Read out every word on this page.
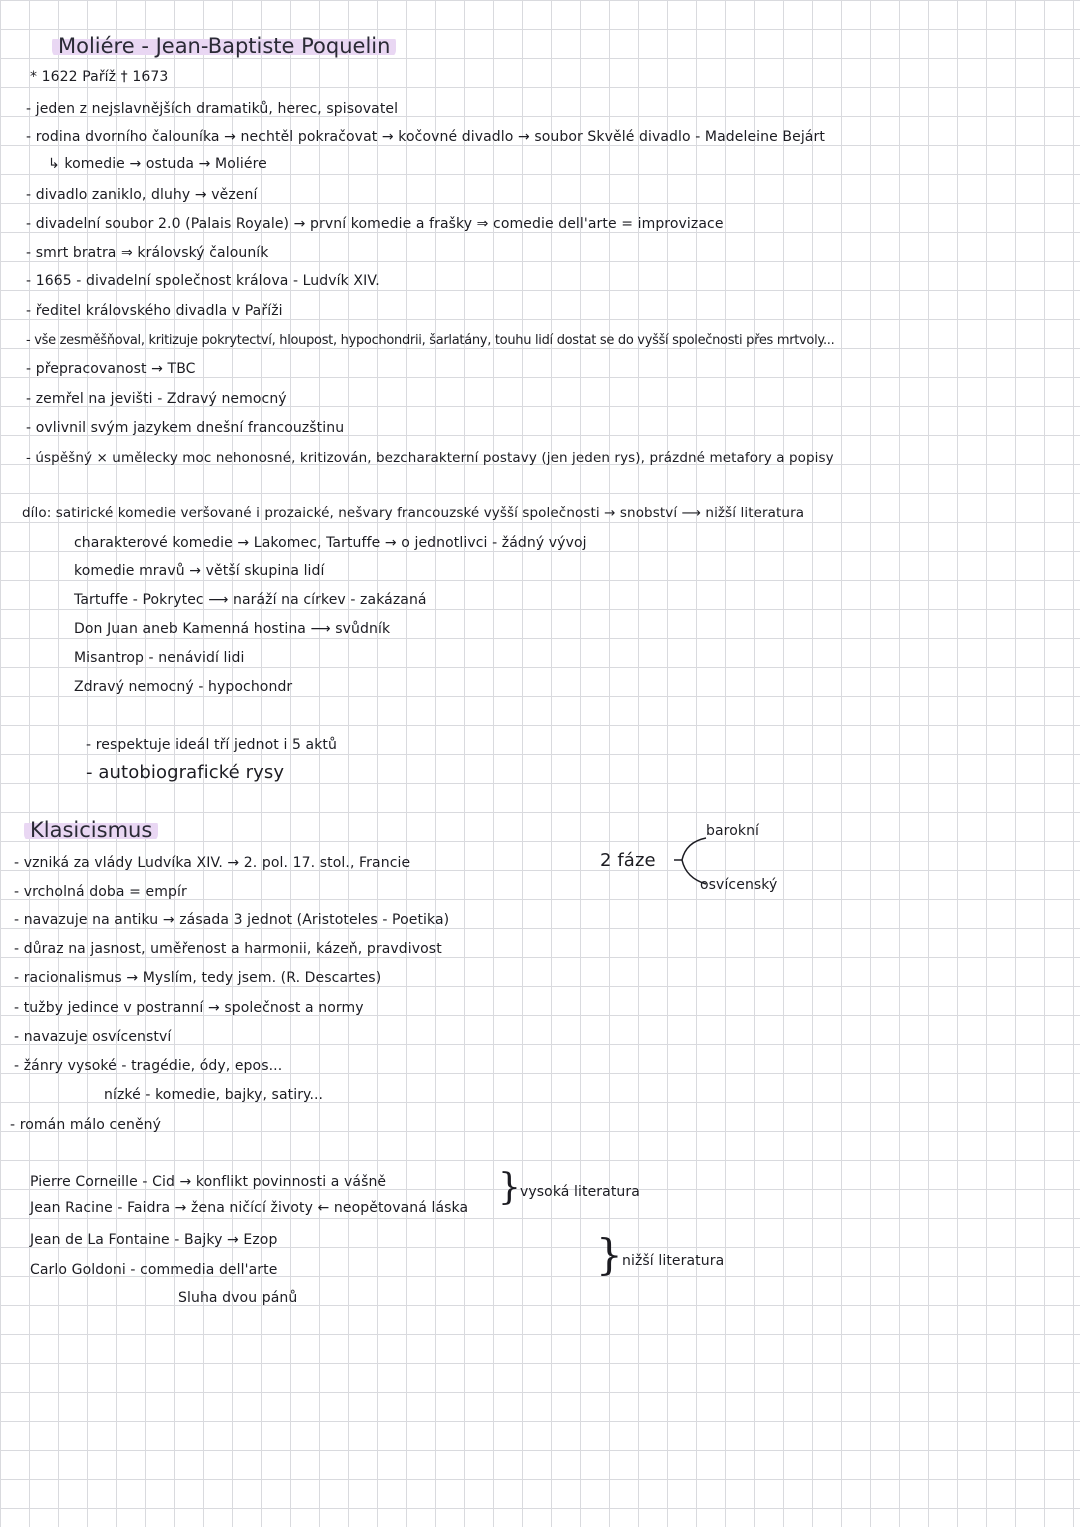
Moliére - Jean-Baptiste Poquelin
* 1622 Paříž † 1673
- jeden z nejslavnějších dramatiků, herec, spisovatel
- rodina dvorního čalouníka → nechtěl pokračovat → kočovné divadlo → soubor Skvělé divadlo - Madeleine Bejárt
↳ komedie → ostuda → Moliére
- divadlo zaniklo, dluhy → vězení
- divadelní soubor 2.0 (Palais Royale) → první komedie a frašky ⇒ comedie dell'arte = improvizace
- smrt bratra ⇒ královský čalouník
- 1665 - divadelní společnost králova - Ludvík XIV.
- ředitel královského divadla v Paříži
- vše zesměšňoval, kritizuje pokrytectví, hloupost, hypochondrii, šarlatány, touhu lidí dostat se do vyšší společnosti přes mrtvoly...
- přepracovanost → TBC
- zemřel na jevišti - Zdravý nemocný
- ovlivnil svým jazykem dnešní francouzštinu
- úspěšný × umělecky moc nehonosné, kritizován, bezcharakterní postavy (jen jeden rys), prázdné metafory a popisy
dílo: satirické komedie veršované i prozaické, nešvary francouzské vyšší společnosti → snobství ⟶ nižší literatura
charakterové komedie → Lakomec, Tartuffe → o jednotlivci - žádný vývoj
komedie mravů → větší skupina lidí
Tartuffe - Pokrytec ⟶ naráží na církev - zakázaná
Don Juan aneb Kamenná hostina ⟶ svůdník
Misantrop - nenávidí lidi
Zdravý nemocný - hypochondr
- respektuje ideál tří jednot i 5 aktů
- autobiografické rysy
Klasicismus
- vzniká za vlády Ludvíka XIV. → 2. pol. 17. stol., Francie
- vrcholná doba = empír
- navazuje na antiku → zásada 3 jednot (Aristoteles - Poetika)
- důraz na jasnost, uměřenost a harmonii, kázeň, pravdivost
- racionalismus → Myslím, tedy jsem. (R. Descartes)
- tužby jedince v postranní → společnost a normy
- navazuje osvícenství
- žánry vysoké - tragédie, ódy, epos...
nízké - komedie, bajky, satiry...
- román málo ceněný
2 fáze
barokní
osvícenský
Pierre Corneille - Cid → konflikt povinnosti a vášně
Jean Racine - Faidra → žena ničící životy ← neopětovaná láska
Jean de La Fontaine - Bajky → Ezop
Carlo Goldoni - commedia dell'arte
Sluha dvou pánů
} vysoká literatura
} nižší literatura
